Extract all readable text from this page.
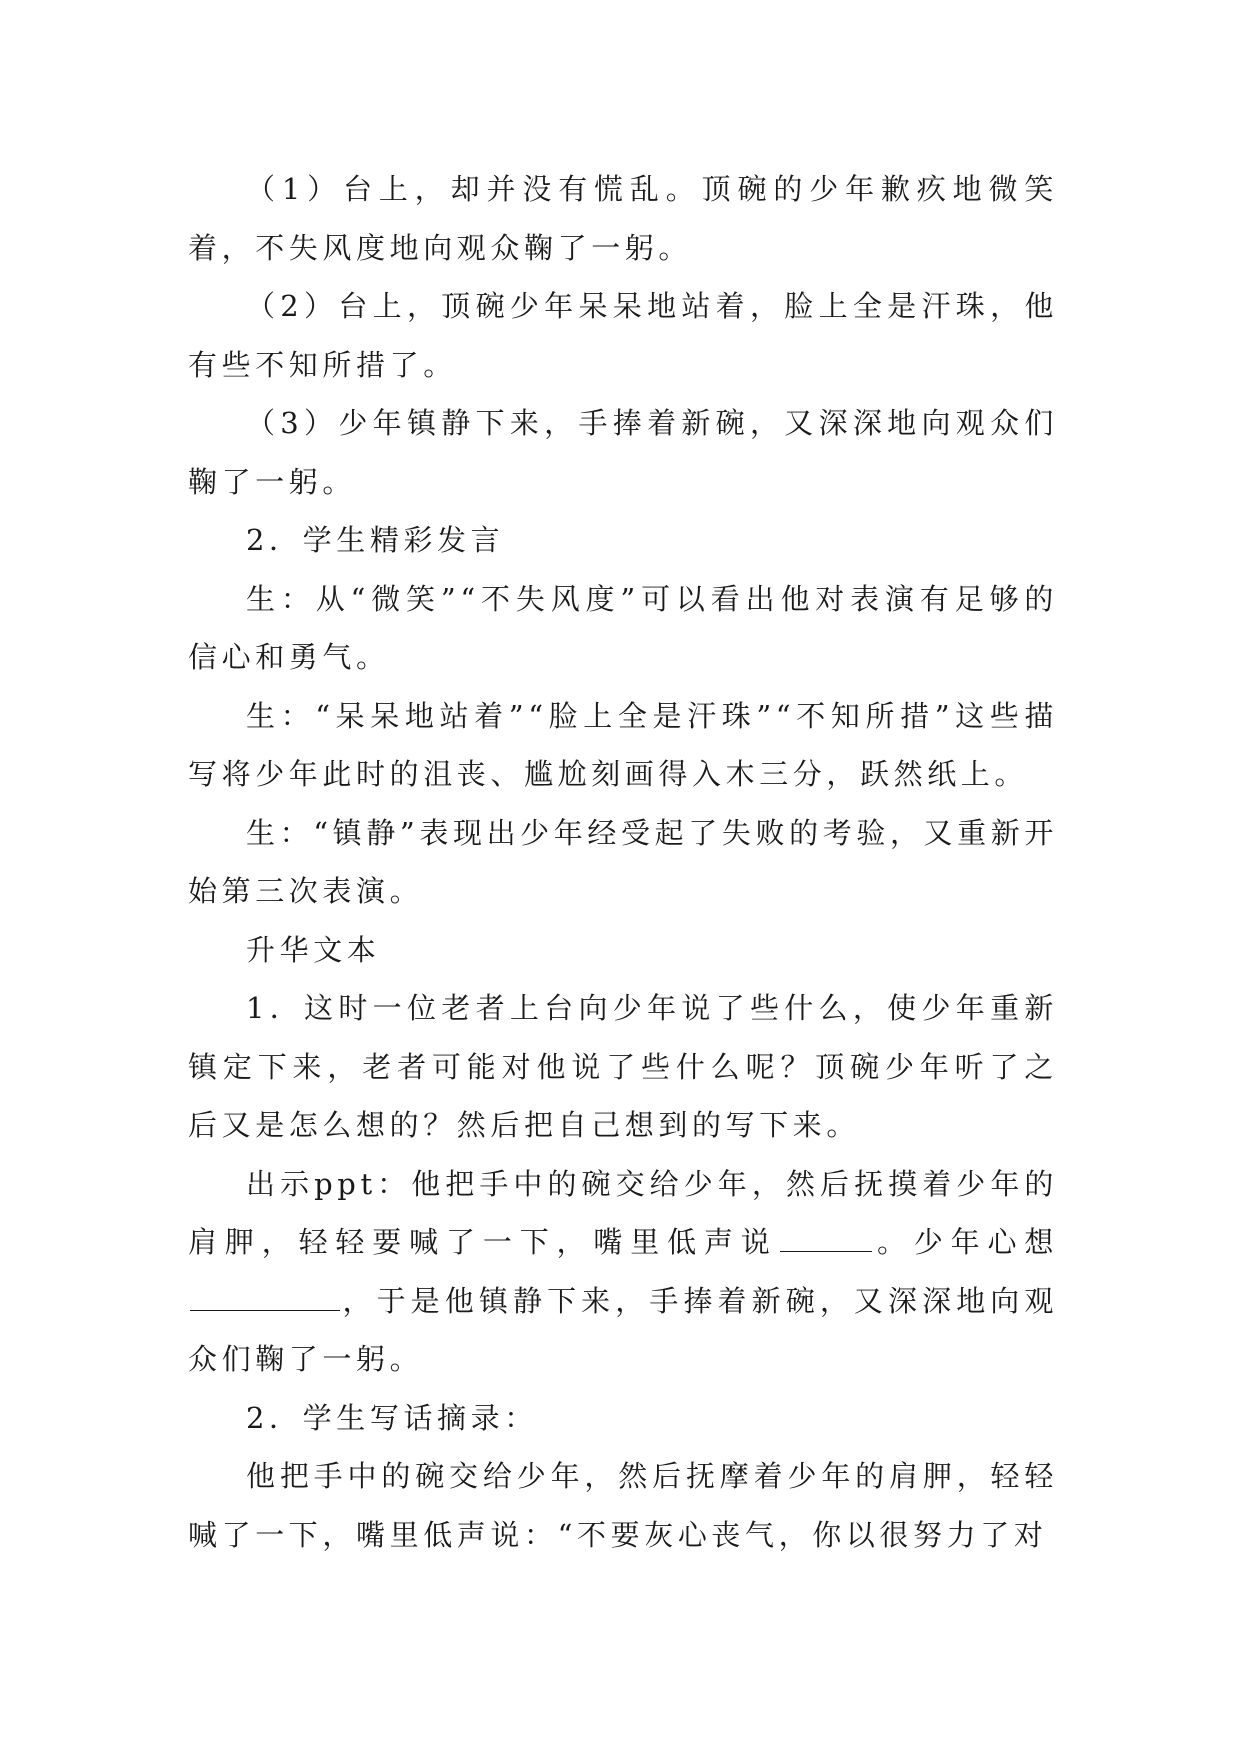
（1）台上，却并没有慌乱。顶碗的少年歉疚地微笑着，不失风度地向观众鞠了一躬。

（2）台上，顶碗少年呆呆地站着，脸上全是汗珠，他有些不知所措了。

（3）少年镇静下来，手捧着新碗，又深深地向观众们鞠了一躬。

2．学生精彩发言

生：从“微笑”“不失风度”可以看出他对表演有足够的信心和勇气。

生：“呆呆地站着”“脸上全是汗珠”“不知所措”这些描写将少年此时的沮丧、尴尬刻画得入木三分，跃然纸上。

生：“镇静”表现出少年经受起了失败的考验，又重新开始第三次表演。

升华文本

1．这时一位老者上台向少年说了些什么，使少年重新镇定下来，老者可能对他说了些什么呢？顶碗少年听了之后又是怎么想的？然后把自己想到的写下来。

出示ppt：他把手中的碗交给少年，然后抚摸着少年的肩胛，轻轻要喊了一下，嘴里低声说	。少年心想，于是他镇静下来，手捧着新碗，又深深地向观众们鞠了一躬。

2．学生写话摘录：

他把手中的碗交给少年，然后抚摩着少年的肩胛，轻轻喊了一下，嘴里低声说：“不要灰心丧气，你以很努力了对
